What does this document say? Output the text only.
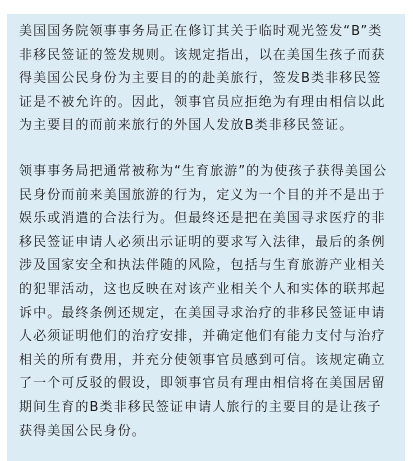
美国国务院领事事务局正在修订其关于临时观光签发“B”类非移民签证的签发规则。该规定指出，以在美国生孩子而获得美国公民身份为主要目的的赴美旅行，签发B类非移民签证是不被允许的。因此，领事官员应拒绝为有理由相信以此为主要目的而前来旅行的外国人发放B类非移民签证。

领事事务局把通常被称为“生育旅游”的为使孩子获得美国公民身份而前来美国旅游的行为，定义为一个目的并不是出于娱乐或消遣的合法行为。但最终还是把在美国寻求医疗的非移民签证申请人必须出示证明的要求写入法律，最后的条例涉及国家安全和执法伴随的风险，包括与生育旅游产业相关的犯罪活动，这也反映在对该产业相关个人和实体的联邦起诉中。最终条例还规定，在美国寻求治疗的非移民签证申请人必须证明他们的治疗安排，并确定他们有能力支付与治疗相关的所有费用，并充分使领事官员感到可信。该规定确立了一个可反驳的假设，即领事官员有理由相信将在美国居留期间生育的B类非移民签证申请人旅行的主要目的是让孩子获得美国公民身份。
